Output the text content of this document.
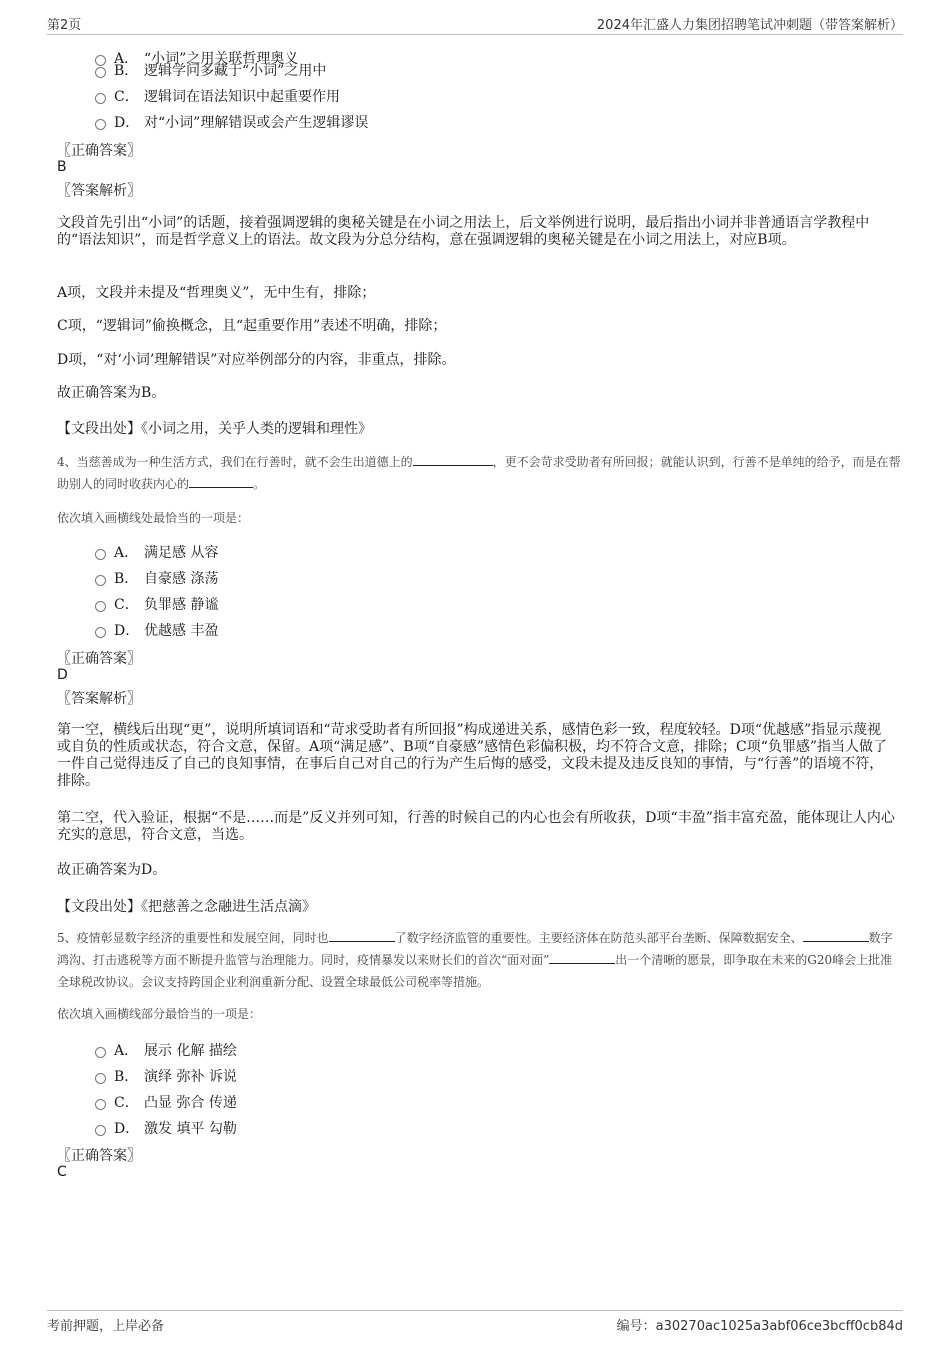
第2页	2024年汇盛人力集团招聘笔试冲刺题（带答案解析）
A． “小词”之用关联哲理奥义
B． 逻辑学问多藏于“小词”之用中
C． 逻辑词在语法知识中起重要作用
D． 对“小词”理解错误或会产生逻辑谬误
〖正确答案〗
B
〖答案解析〗
文段首先引出“小词”的话题，接着强调逻辑的奥秘关键是在小词之用法上，后文举例进行说明，最后指出小词并非普通语言学教程中的“语法知识”，而是哲学意义上的语法。故文段为分总分结构，意在强调逻辑的奥秘关键是在小词之用法上，对应B项。
A项，文段并未提及“哲理奥义”，无中生有，排除；
C项，“逻辑词”偷换概念，且“起重要作用”表述不明确，排除；
D项，“对‘小词’理解错误”对应举例部分的内容，非重点，排除。
故正确答案为B。
【文段出处】《小词之用，关乎人类的逻辑和理性》
4、当慈善成为一种生活方式，我们在行善时，就不会生出道德上的	，更不会苛求受助者有所回报；就能认识到，行善不是单纯的给予，而是在帮助别人的同时收获内心的	。
依次填入画横线处最恰当的一项是：
A． 满足感 从容
B． 自豪感 涤荡
C． 负罪感 静谧
D． 优越感 丰盈
〖正确答案〗
D
〖答案解析〗
第一空，横线后出现“更”，说明所填词语和“苛求受助者有所回报”构成递进关系，感情色彩一致，程度较轻。D项“优越感”指显示蔑视或自负的性质或状态，符合文意，保留。A项“满足感”、B项“自豪感”感情色彩偏积极，均不符合文意，排除；C项“负罪感”指当人做了一件自己觉得违反了自己的良知事情，在事后自己对自己的行为产生后悔的感受，文段未提及违反良知的事情，与“行善”的语境不符，排除。
第二空，代入验证，根据“不是……而是”反义并列可知，行善的时候自己的内心也会有所收获，D项“丰盈”指丰富充盈，能体现让人内心充实的意思，符合文意，当选。
故正确答案为D。
【文段出处】《把慈善之念融进生活点滴》
5、疫情彰显数字经济的重要性和发展空间，同时也	了数字经济监管的重要性。主要经济体在防范头部平台垄断、保障数据安全、	数字鸿沟、打击逃税等方面不断提升监管与治理能力。同时，疫情暴发以来财长们的首次“面对面”	出一个清晰的愿景，即争取在未来的G20峰会上批准全球税改协议。会议支持跨国企业利润重新分配、设置全球最低公司税率等措施。
依次填入画横线部分最恰当的一项是：
A． 展示 化解 描绘
B． 演绎 弥补 诉说
C． 凸显 弥合 传递
D． 激发 填平 勾勒
〖正确答案〗
C
考前押题，上岸必备	编号：a30270ac1025a3abf06ce3bcff0cb84d
